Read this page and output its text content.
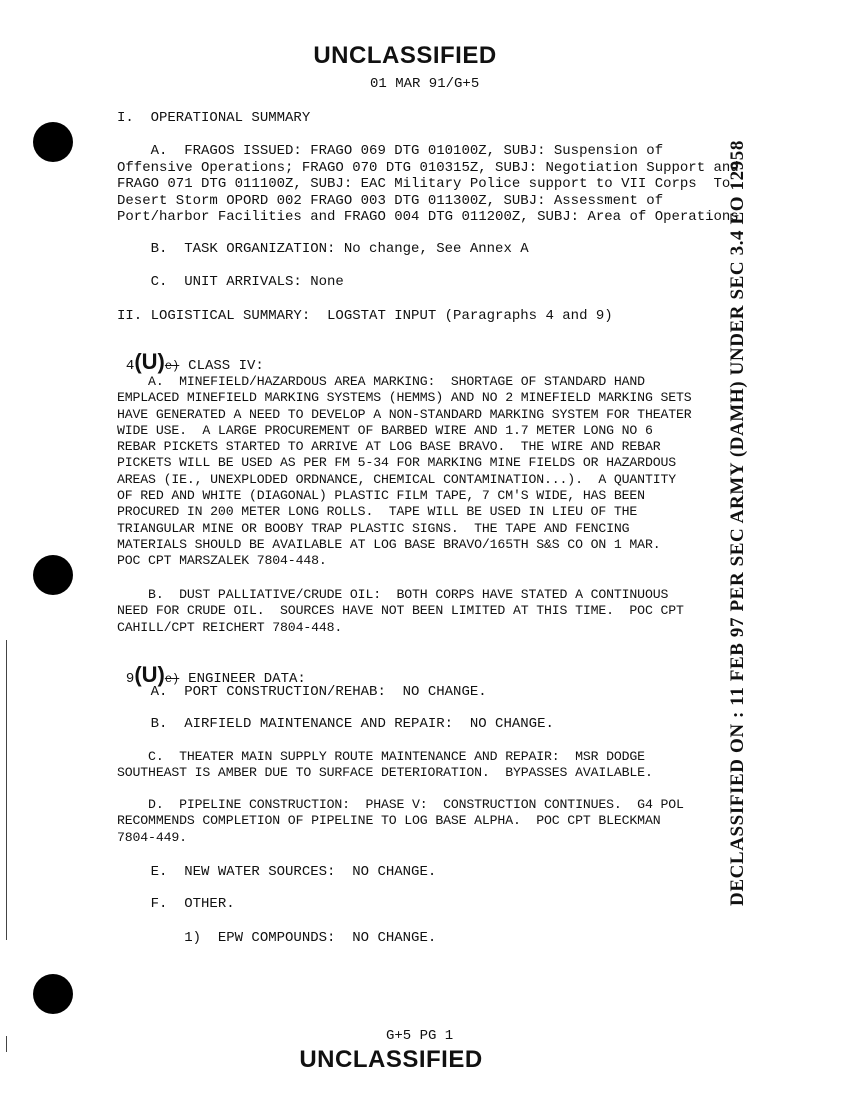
UNCLASSIFIED
01 MAR 91/G+5
I.  OPERATIONAL SUMMARY
A.  FRAGOS ISSUED: FRAGO 069 DTG 010100Z, SUBJ: Suspension of
Offensive Operations; FRAGO 070 DTG 010315Z, SUBJ: Negotiation Support and
FRAGO 071 DTG 011100Z, SUBJ: EAC Military Police support to VII Corps  To
Desert Storm OPORD 002 FRAGO 003 DTG 011300Z, SUBJ: Assessment of
Port/harbor Facilities and FRAGO 004 DTG 011200Z, SUBJ: Area of Operations
B.  TASK ORGANIZATION: No change, See Annex A
C.  UNIT ARRIVALS: None
II. LOGISTICAL SUMMARY:  LOGSTAT INPUT (Paragraphs 4 and 9)

4(U)e) CLASS IV:

A.  MINEFIELD/HAZARDOUS AREA MARKING:  SHORTAGE OF STANDARD HAND
EMPLACED MINEFIELD MARKING SYSTEMS (HEMMS) AND NO 2 MINEFIELD MARKING SETS
HAVE GENERATED A NEED TO DEVELOP A NON-STANDARD MARKING SYSTEM FOR THEATER
WIDE USE.  A LARGE PROCUREMENT OF BARBED WIRE AND 1.7 METER LONG NO 6
REBAR PICKETS STARTED TO ARRIVE AT LOG BASE BRAVO.  THE WIRE AND REBAR
PICKETS WILL BE USED AS PER FM 5-34 FOR MARKING MINE FIELDS OR HAZARDOUS
AREAS (IE., UNEXPLODED ORDNANCE, CHEMICAL CONTAMINATION...).  A QUANTITY
OF RED AND WHITE (DIAGONAL) PLASTIC FILM TAPE, 7 CM'S WIDE, HAS BEEN
PROCURED IN 200 METER LONG ROLLS.  TAPE WILL BE USED IN LIEU OF THE
TRIANGULAR MINE OR BOOBY TRAP PLASTIC SIGNS.  THE TAPE AND FENCING
MATERIALS SHOULD BE AVAILABLE AT LOG BASE BRAVO/165TH S&S CO ON 1 MAR.
POC CPT MARSZALEK 7804-448.
B.  DUST PALLIATIVE/CRUDE OIL:  BOTH CORPS HAVE STATED A CONTINUOUS
NEED FOR CRUDE OIL.  SOURCES HAVE NOT BEEN LIMITED AT THIS TIME.  POC CPT
CAHILL/CPT REICHERT 7804-448.

9(U)e) ENGINEER DATA:

A.  PORT CONSTRUCTION/REHAB:  NO CHANGE.
B.  AIRFIELD MAINTENANCE AND REPAIR:  NO CHANGE.
C.  THEATER MAIN SUPPLY ROUTE MAINTENANCE AND REPAIR:  MSR DODGE
SOUTHEAST IS AMBER DUE TO SURFACE DETERIORATION.  BYPASSES AVAILABLE.
D.  PIPELINE CONSTRUCTION:  PHASE V:  CONSTRUCTION CONTINUES.  G4 POL
RECOMMENDS COMPLETION OF PIPELINE TO LOG BASE ALPHA.  POC CPT BLECKMAN
7804-449.
E.  NEW WATER SOURCES:  NO CHANGE.
F.  OTHER.
1)  EPW COMPOUNDS:  NO CHANGE.
G+5 PG 1
UNCLASSIFIED
DECLASSIFIED ON : 11 FEB 97 PER SEC ARMY (DAMH) UNDER SEC 3.4 EO 12958
